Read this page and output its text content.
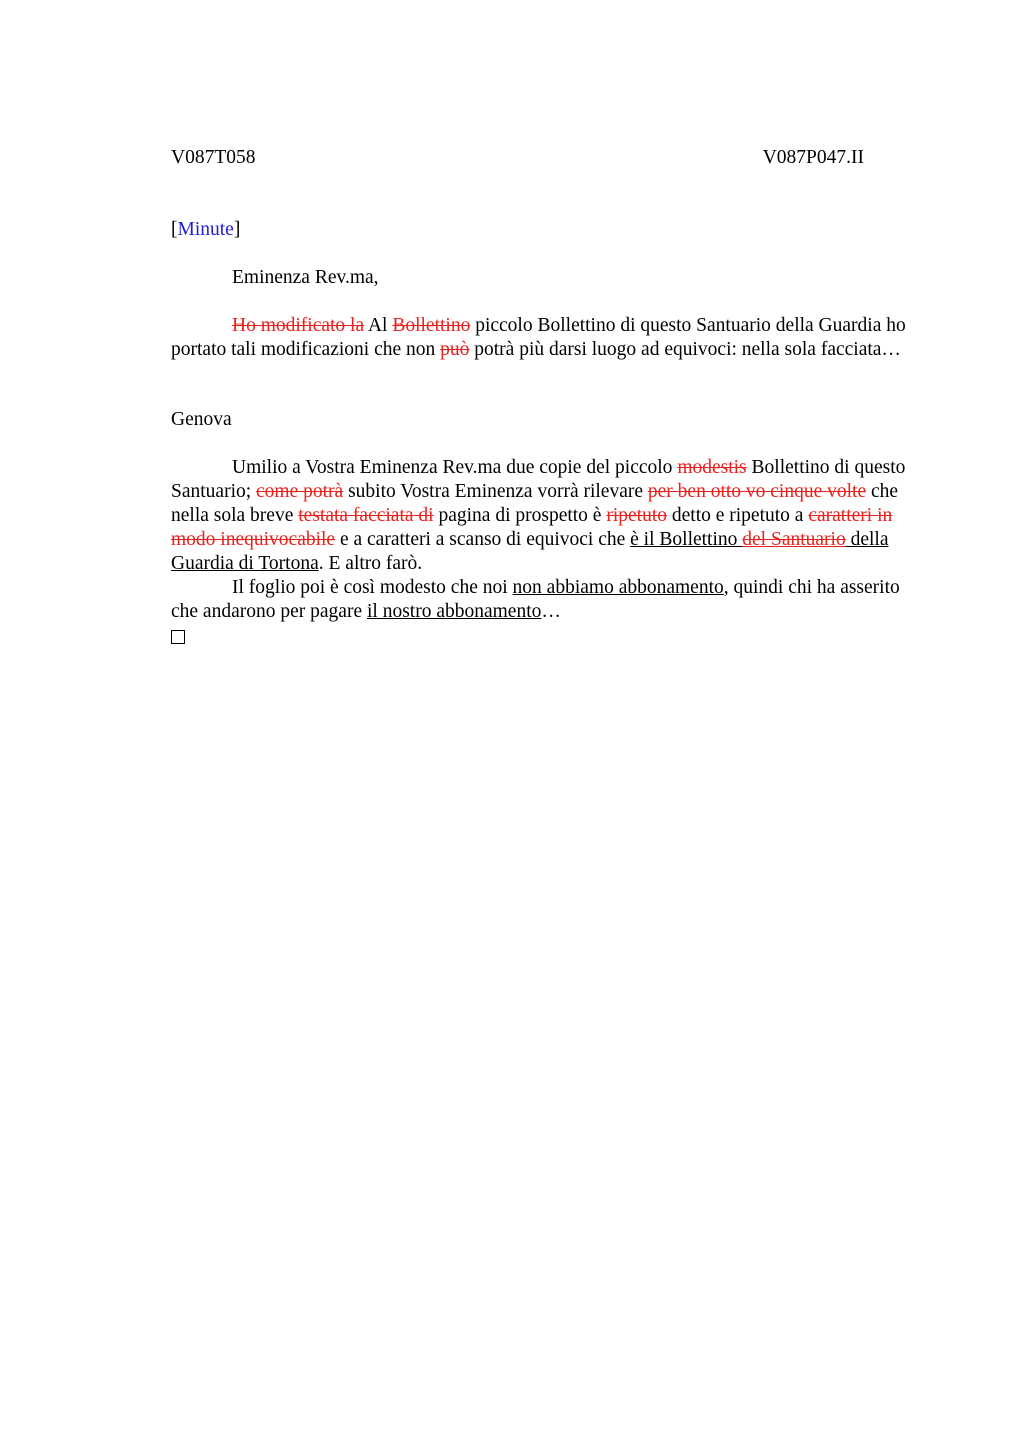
V087T058	V087P047.II

[Minute]

Eminenza Rev.ma,

Ho modificato la Al Bollettino piccolo Bollettino di questo Santuario della Guardia ho portato tali modificazioni che non può potrà più darsi luogo ad equivoci: nella sola facciata…

Genova

Umilio a Vostra Eminenza Rev.ma due copie del piccolo modestis Bollettino di questo Santuario; come potrà subito Vostra Eminenza vorrà rilevare per ben otto vo cinque volte che nella sola breve testata facciata di pagina di prospetto è ripetuto detto e ripetuto a caratteri in modo inequivocabile e a caratteri a scanso di equivoci che è il Bollettino del Santuario della Guardia di Tortona. E altro farò.

Il foglio poi è così modesto che noi non abbiamo abbonamento, quindi chi ha asserito che andarono per pagare il nostro abbonamento…
